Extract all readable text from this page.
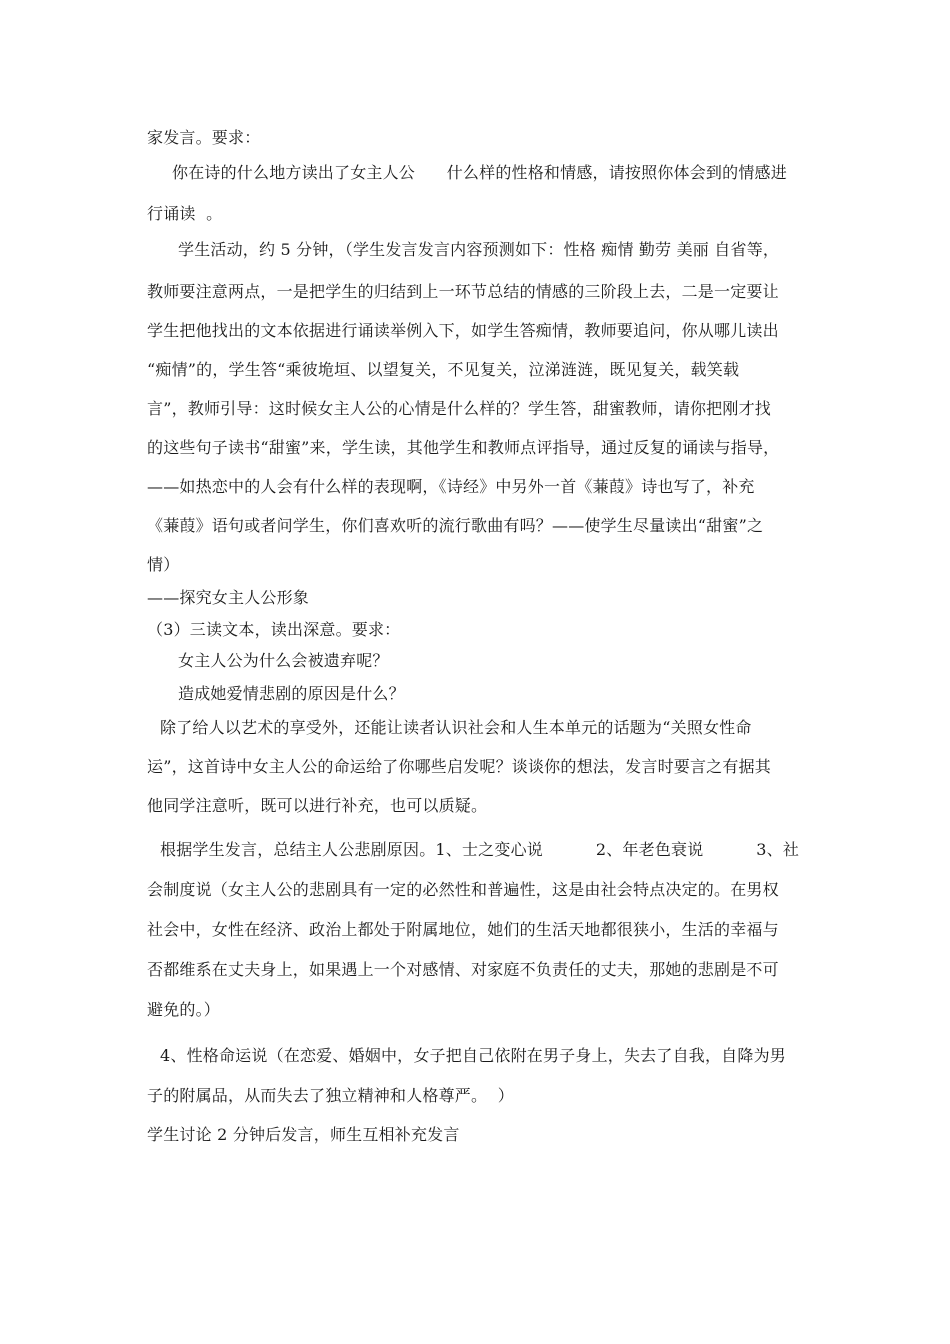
家发言。要求：
你在诗的什么地方读出了女主人公      什么样的性格和情感，请按照你体会到的情感进
行诵读  。
学生活动，约 5 分钟，（学生发言发言内容预测如下：性格 痴情 勤劳 美丽 自省等，
教师要注意两点，一是把学生的归结到上一环节总结的情感的三阶段上去，二是一定要让
学生把他找出的文本依据进行诵读举例入下，如学生答痴情，教师要追问，你从哪儿读出
“痴情”的，学生答“乘彼垝垣、以望复关，不见复关，泣涕涟涟，既见复关，载笑载
言”，教师引导：这时候女主人公的心情是什么样的？学生答，甜蜜教师，请你把刚才找
的这些句子读书“甜蜜”来，学生读，其他学生和教师点评指导，通过反复的诵读与指导，
——如热恋中的人会有什么样的表现啊，《诗经》中另外一首《蒹葭》诗也写了，补充
《蒹葭》语句或者问学生，你们喜欢听的流行歌曲有吗？——使学生尽量读出“甜蜜”之
情）
——探究女主人公形象
（3）三读文本，读出深意。要求：
女主人公为什么会被遗弃呢？
造成她爱情悲剧的原因是什么？
除了给人以艺术的享受外，还能让读者认识社会和人生本单元的话题为“关照女性命
运”，这首诗中女主人公的命运给了你哪些启发呢？谈谈你的想法，发言时要言之有据其
他同学注意听，既可以进行补充，也可以质疑。
根据学生发言，总结主人公悲剧原因。1、士之变心说          2、年老色衰说          3、社
会制度说（女主人公的悲剧具有一定的必然性和普遍性，这是由社会特点决定的。在男权
社会中，女性在经济、政治上都处于附属地位，她们的生活天地都很狭小，生活的幸福与
否都维系在丈夫身上，如果遇上一个对感情、对家庭不负责任的丈夫，那她的悲剧是不可
避免的。）
4、性格命运说（在恋爱、婚姻中，女子把自己依附在男子身上，失去了自我，自降为男
子的附属品，从而失去了独立精神和人格尊严。  ）
学生讨论 2 分钟后发言，师生互相补充发言
